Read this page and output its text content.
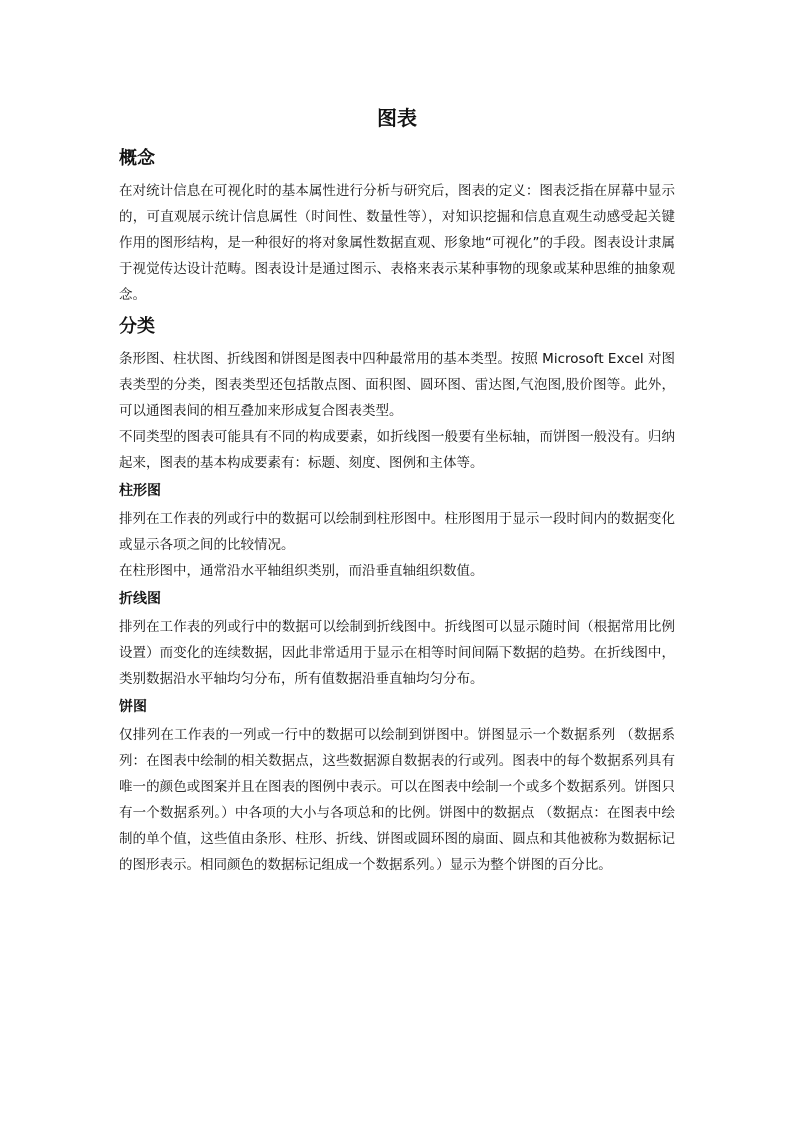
图表
概念

在对统计信息在可视化时的基本属性进行分析与研究后，图表的定义：图表泛指在屏幕中显示的，可直观展示统计信息属性（时间性、数量性等），对知识挖掘和信息直观生动感受起关键作用的图形结构，是一种很好的将对象属性数据直观、形象地“可视化”的手段。图表设计隶属于视觉传达设计范畴。图表设计是通过图示、表格来表示某种事物的现象或某种思维的抽象观念。

分类

条形图、柱状图、折线图和饼图是图表中四种最常用的基本类型。按照 Microsoft Excel 对图表类型的分类，图表类型还包括散点图、面积图、圆环图、雷达图,气泡图,股价图等。此外，可以通图表间的相互叠加来形成复合图表类型。

不同类型的图表可能具有不同的构成要素，如折线图一般要有坐标轴，而饼图一般没有。归纳起来，图表的基本构成要素有：标题、刻度、图例和主体等。

柱形图

排列在工作表的列或行中的数据可以绘制到柱形图中。柱形图用于显示一段时间内的数据变化或显示各项之间的比较情况。

在柱形图中，通常沿水平轴组织类别，而沿垂直轴组织数值。

折线图

排列在工作表的列或行中的数据可以绘制到折线图中。折线图可以显示随时间（根据常用比例设置）而变化的连续数据，因此非常适用于显示在相等时间间隔下数据的趋势。在折线图中，类别数据沿水平轴均匀分布，所有值数据沿垂直轴均匀分布。

饼图

仅排列在工作表的一列或一行中的数据可以绘制到饼图中。饼图显示一个数据系列 （数据系列：在图表中绘制的相关数据点，这些数据源自数据表的行或列。图表中的每个数据系列具有唯一的颜色或图案并且在图表的图例中表示。可以在图表中绘制一个或多个数据系列。饼图只有一个数据系列。）中各项的大小与各项总和的比例。饼图中的数据点 （数据点：在图表中绘制的单个值，这些值由条形、柱形、折线、饼图或圆环图的扇面、圆点和其他被称为数据标记的图形表示。相同颜色的数据标记组成一个数据系列。）显示为整个饼图的百分比。
